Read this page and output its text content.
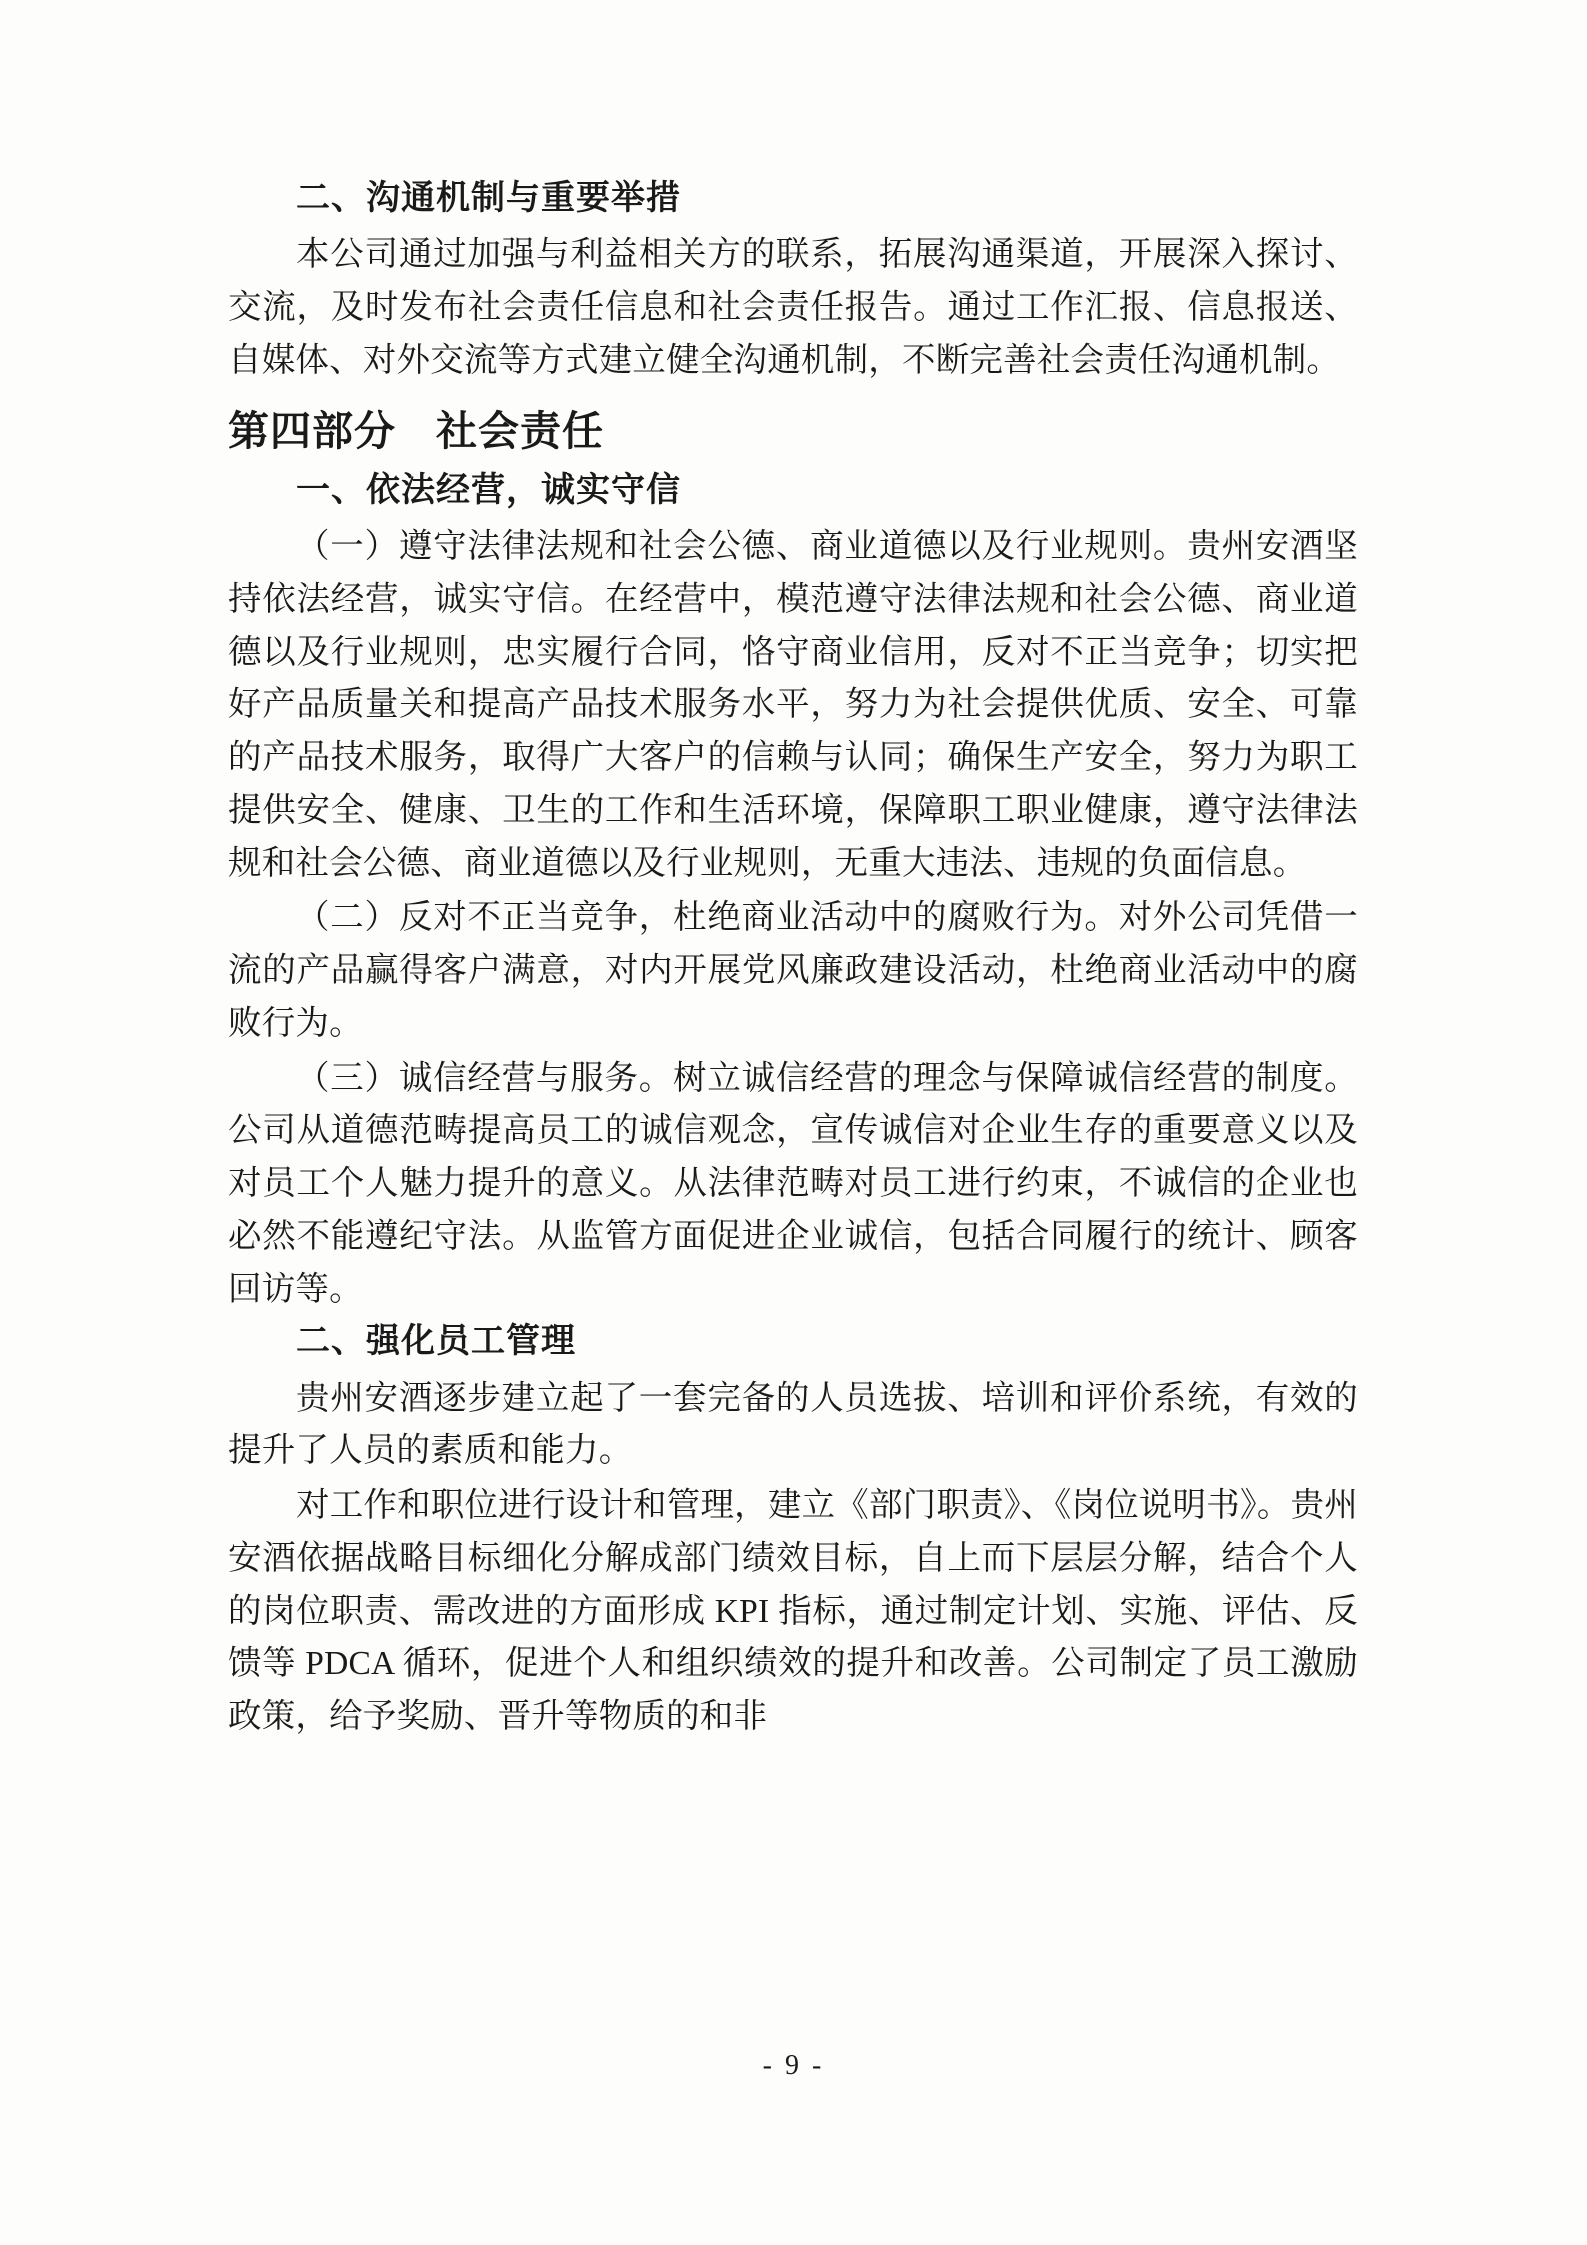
二、沟通机制与重要举措

本公司通过加强与利益相关方的联系，拓展沟通渠道，开展深入探讨、交流，及时发布社会责任信息和社会责任报告。通过工作汇报、信息报送、自媒体、对外交流等方式建立健全沟通机制，不断完善社会责任沟通机制。

第四部分 社会责任
一、依法经营，诚实守信

（一）遵守法律法规和社会公德、商业道德以及行业规则。贵州安酒坚持依法经营，诚实守信。在经营中，模范遵守法律法规和社会公德、商业道德以及行业规则，忠实履行合同，恪守商业信用，反对不正当竞争；切实把好产品质量关和提高产品技术服务水平，努力为社会提供优质、安全、可靠的产品技术服务，取得广大客户的信赖与认同；确保生产安全，努力为职工提供安全、健康、卫生的工作和生活环境，保障职工职业健康，遵守法律法规和社会公德、商业道德以及行业规则，无重大违法、违规的负面信息。

（二）反对不正当竞争，杜绝商业活动中的腐败行为。对外公司凭借一流的产品赢得客户满意，对内开展党风廉政建设活动，杜绝商业活动中的腐败行为。

（三）诚信经营与服务。树立诚信经营的理念与保障诚信经营的制度。公司从道德范畴提高员工的诚信观念，宣传诚信对企业生存的重要意义以及对员工个人魅力提升的意义。从法律范畴对员工进行约束，不诚信的企业也必然不能遵纪守法。从监管方面促进企业诚信，包括合同履行的统计、顾客回访等。

二、强化员工管理

贵州安酒逐步建立起了一套完备的人员选拔、培训和评价系统，有效的提升了人员的素质和能力。

对工作和职位进行设计和管理，建立《部门职责》、《岗位说明书》。贵州安酒依据战略目标细化分解成部门绩效目标，自上而下层层分解，结合个人的岗位职责、需改进的方面形成 KPI 指标，通过制定计划、实施、评估、反馈等 PDCA 循环，促进个人和组织绩效的提升和改善。公司制定了员工激励政策，给予奖励、晋升等物质的和非

- 9 -
